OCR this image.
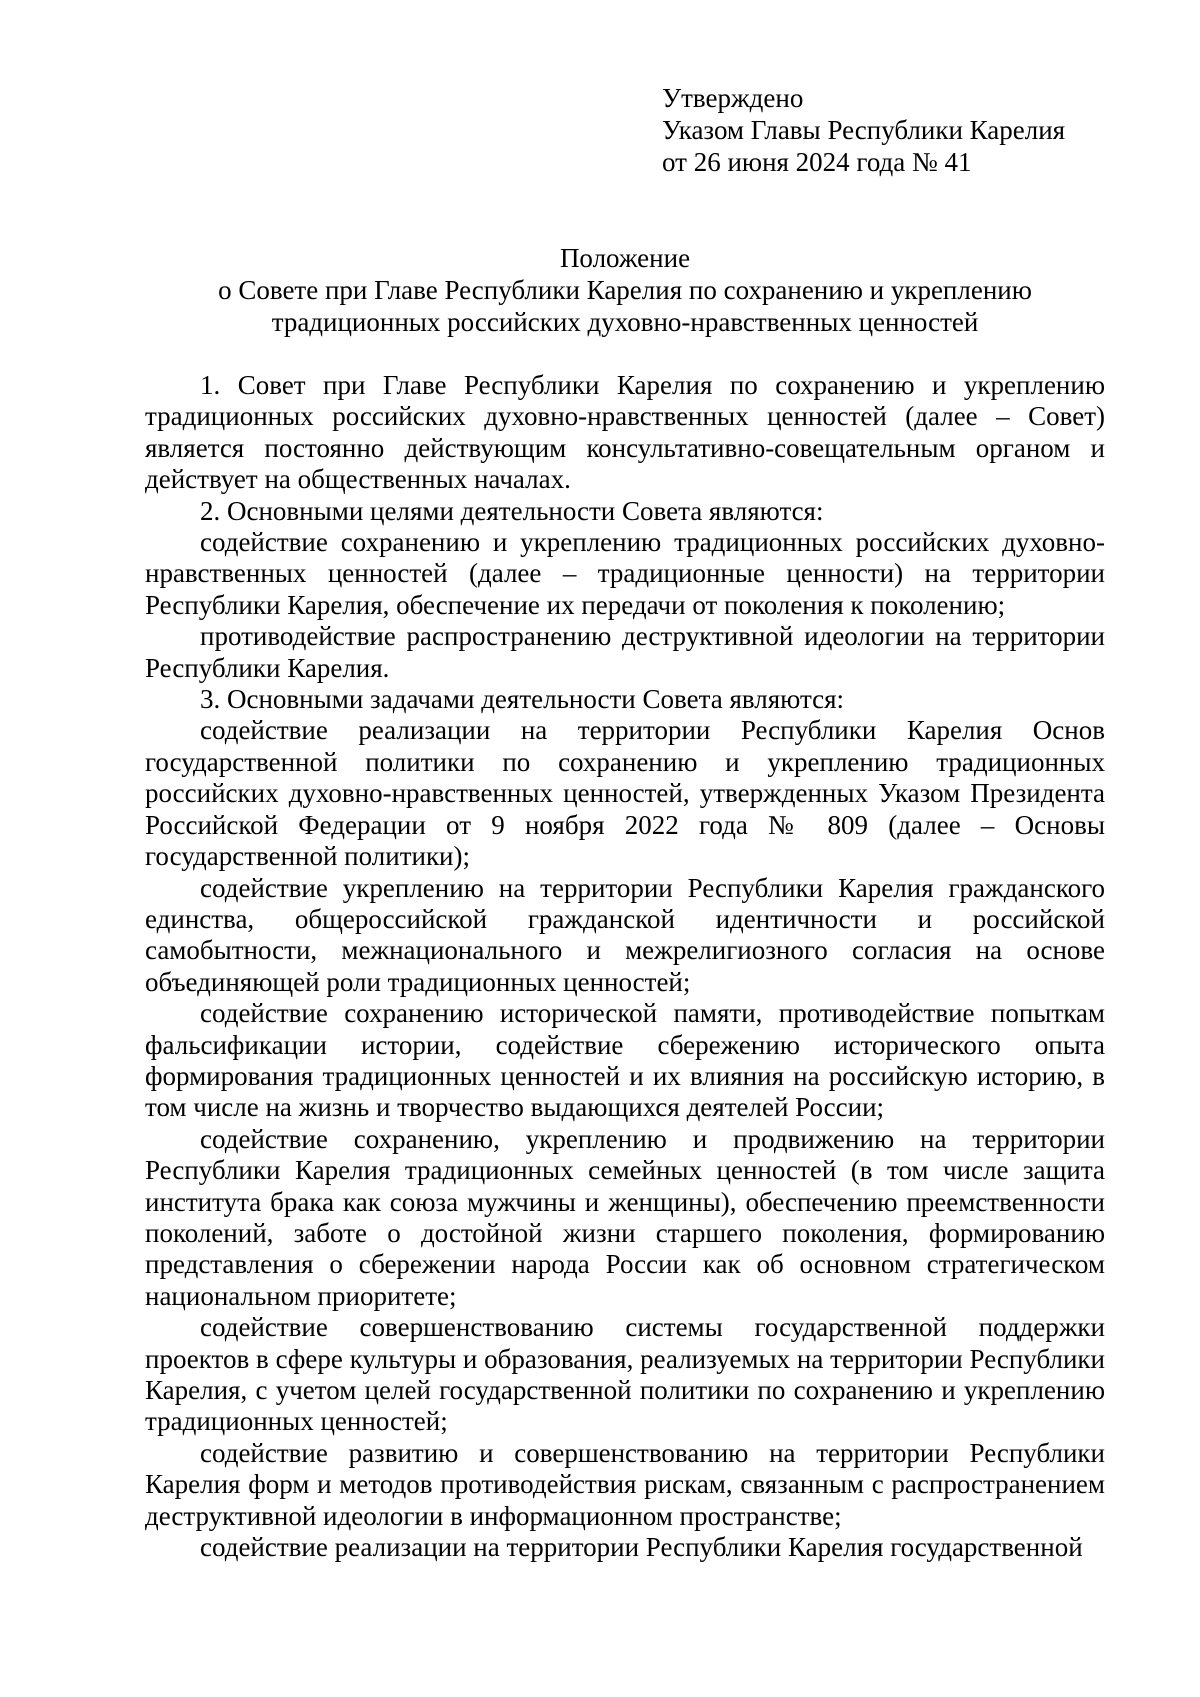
Утверждено
Указом Главы Республики Карелия
от 26 июня 2024 года № 41
Положение
о Совете при Главе Республики Карелия по сохранению и укреплению
традиционных российских духовно-нравственных ценностей

1. Совет при Главе Республики Карелия по сохранению и укреплению традиционных российских духовно-нравственных ценностей (далее – Совет) является постоянно действующим консультативно-совещательным органом и действует на общественных началах.

2. Основными целями деятельности Совета являются:

содействие сохранению и укреплению традиционных российских духовно-нравственных ценностей (далее – традиционные ценности) на территории Республики Карелия, обеспечение их передачи от поколения к поколению;

противодействие распространению деструктивной идеологии на территории Республики Карелия.

3. Основными задачами деятельности Совета являются:

содействие реализации на территории Республики Карелия Основ государственной политики по сохранению и укреплению традиционных российских духовно-нравственных ценностей, утвержденных Указом Президента Российской Федерации от 9 ноября 2022 года № 809 (далее – Основы государственной политики);

содействие укреплению на территории Республики Карелия гражданского единства, общероссийской гражданской идентичности и российской самобытности, межнационального и межрелигиозного согласия на основе объединяющей роли традиционных ценностей;

содействие сохранению исторической памяти, противодействие попыткам фальсификации истории, содействие сбережению исторического опыта формирования традиционных ценностей и их влияния на российскую историю, в том числе на жизнь и творчество выдающихся деятелей России;

содействие сохранению, укреплению и продвижению на территории Республики Карелия традиционных семейных ценностей (в том числе защита института брака как союза мужчины и женщины), обеспечению преемственности поколений, заботе о достойной жизни старшего поколения, формированию представления о сбережении народа России как об основном стратегическом национальном приоритете;

содействие совершенствованию системы государственной поддержки проектов в сфере культуры и образования, реализуемых на территории Республики Карелия, с учетом целей государственной политики по сохранению и укреплению традиционных ценностей;

содействие развитию и совершенствованию на территории Республики Карелия форм и методов противодействия рискам, связанным с распространением деструктивной идеологии в информационном пространстве;

содействие реализации на территории Республики Карелия государственной
